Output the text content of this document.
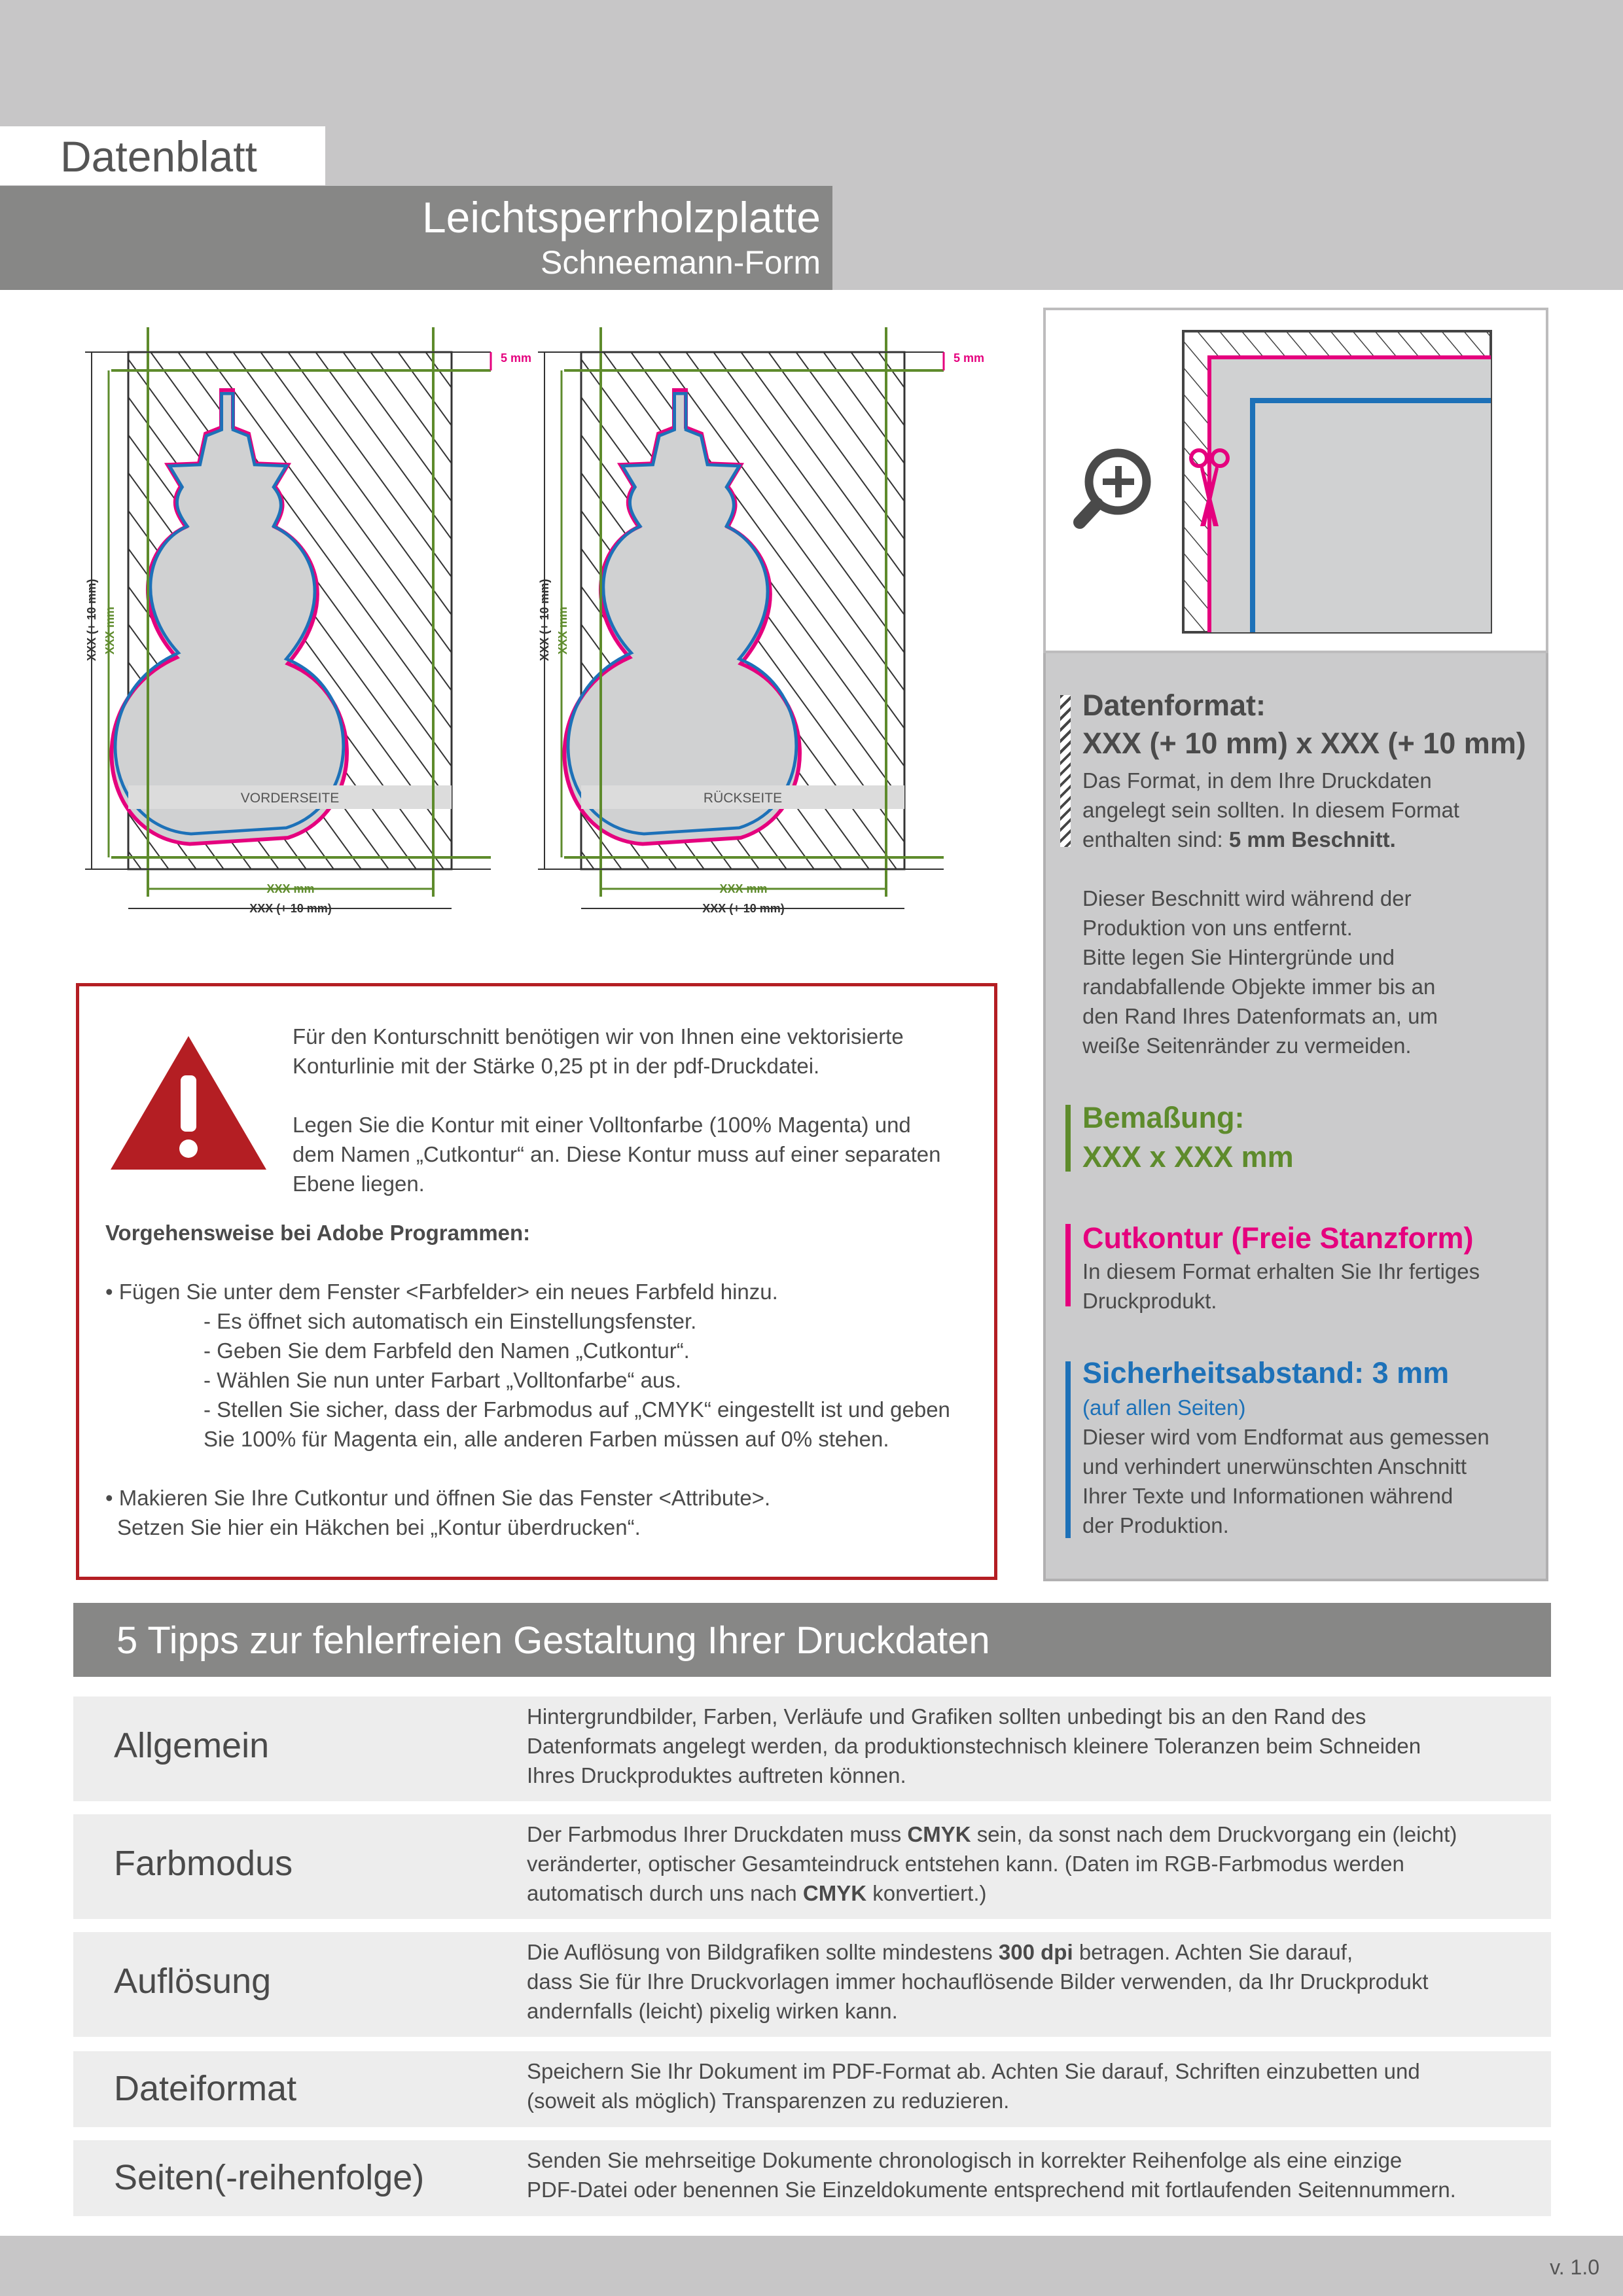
Datenblatt
Leichtsperrholzplatte
Schneemann-Form
VORDERSEITE
5 mm
XXX (+ 10 mm) XXX mm
XXX mm
XXX (+ 10 mm)
RÜCKSEITE
5 mm
XXX (+ 10 mm) XXX mm
XXX mm
XXX (+ 10 mm)
Datenformat:
XXX (+ 10 mm) x XXX (+ 10 mm)
Das Format, in dem Ihre Druckdaten
angelegt sein sollten. In diesem Format
enthalten sind: 5 mm Beschnitt.
Dieser Beschnitt wird während der
Produktion von uns entfernt.
Bitte legen Sie Hintergründe und
randabfallende Objekte immer bis an
den Rand Ihres Datenformats an, um
weiße Seitenränder zu vermeiden.
Bemaßung:
XXX x XXX mm
Cutkontur (Freie Stanzform)
In diesem Format erhalten Sie Ihr fertiges
Druckprodukt.
Sicherheitsabstand: 3 mm
(auf allen Seiten)
Dieser wird vom Endformat aus gemessen
und verhindert unerwünschten Anschnitt
Ihrer Texte und Informationen während
der Produktion.
Für den Konturschnitt benötigen wir von Ihnen eine vektorisierte
Konturlinie mit der Stärke 0,25 pt in der pdf-Druckdatei.
Legen Sie die Kontur mit einer Volltonfarbe (100% Magenta) und
dem Namen „Cutkontur“ an. Diese Kontur muss auf einer separaten
Ebene liegen.
Vorgehensweise bei Adobe Programmen:
• Fügen Sie unter dem Fenster <Farbfelder> ein neues Farbfeld hinzu.
- Es öffnet sich automatisch ein Einstellungsfenster.
- Geben Sie dem Farbfeld den Namen „Cutkontur“.
- Wählen Sie nun unter Farbart „Volltonfarbe“ aus.
- Stellen Sie sicher, dass der Farbmodus auf „CMYK“ eingestellt ist und geben
Sie 100% für Magenta ein, alle anderen Farben müssen auf 0% stehen.
• Makieren Sie Ihre Cutkontur und öffnen Sie das Fenster <Attribute>.
Setzen Sie hier ein Häkchen bei „Kontur überdrucken“.
5 Tipps zur fehlerfreien Gestaltung Ihrer Druckdaten
Allgemein
Hintergrundbilder, Farben, Verläufe und Grafiken sollten unbedingt bis an den Rand des
Datenformats angelegt werden, da produktionstechnisch kleinere Toleranzen beim Schneiden
Ihres Druckproduktes auftreten können.
Farbmodus
Der Farbmodus Ihrer Druckdaten muss CMYK sein, da sonst nach dem Druckvorgang ein (leicht)
veränderter, optischer Gesamteindruck entstehen kann. (Daten im RGB-Farbmodus werden
automatisch durch uns nach CMYK konvertiert.)
Auflösung
Die Auflösung von Bildgrafiken sollte mindestens 300 dpi betragen. Achten Sie darauf,
dass Sie für Ihre Druckvorlagen immer hochauflösende Bilder verwenden, da Ihr Druckprodukt
andernfalls (leicht) pixelig wirken kann.
Dateiformat	Speichern Sie Ihr Dokument im PDF-Format ab. Achten Sie darauf, Schriften einzubetten und
(soweit als möglich) Transparenzen zu reduzieren.
Seiten(-reihenfolge)	Senden Sie mehrseitige Dokumente chronologisch in korrekter Reihenfolge als eine einzige
PDF-Datei oder benennen Sie Einzeldokumente entsprechend mit fortlaufenden Seitennummern.
v. 1.0
